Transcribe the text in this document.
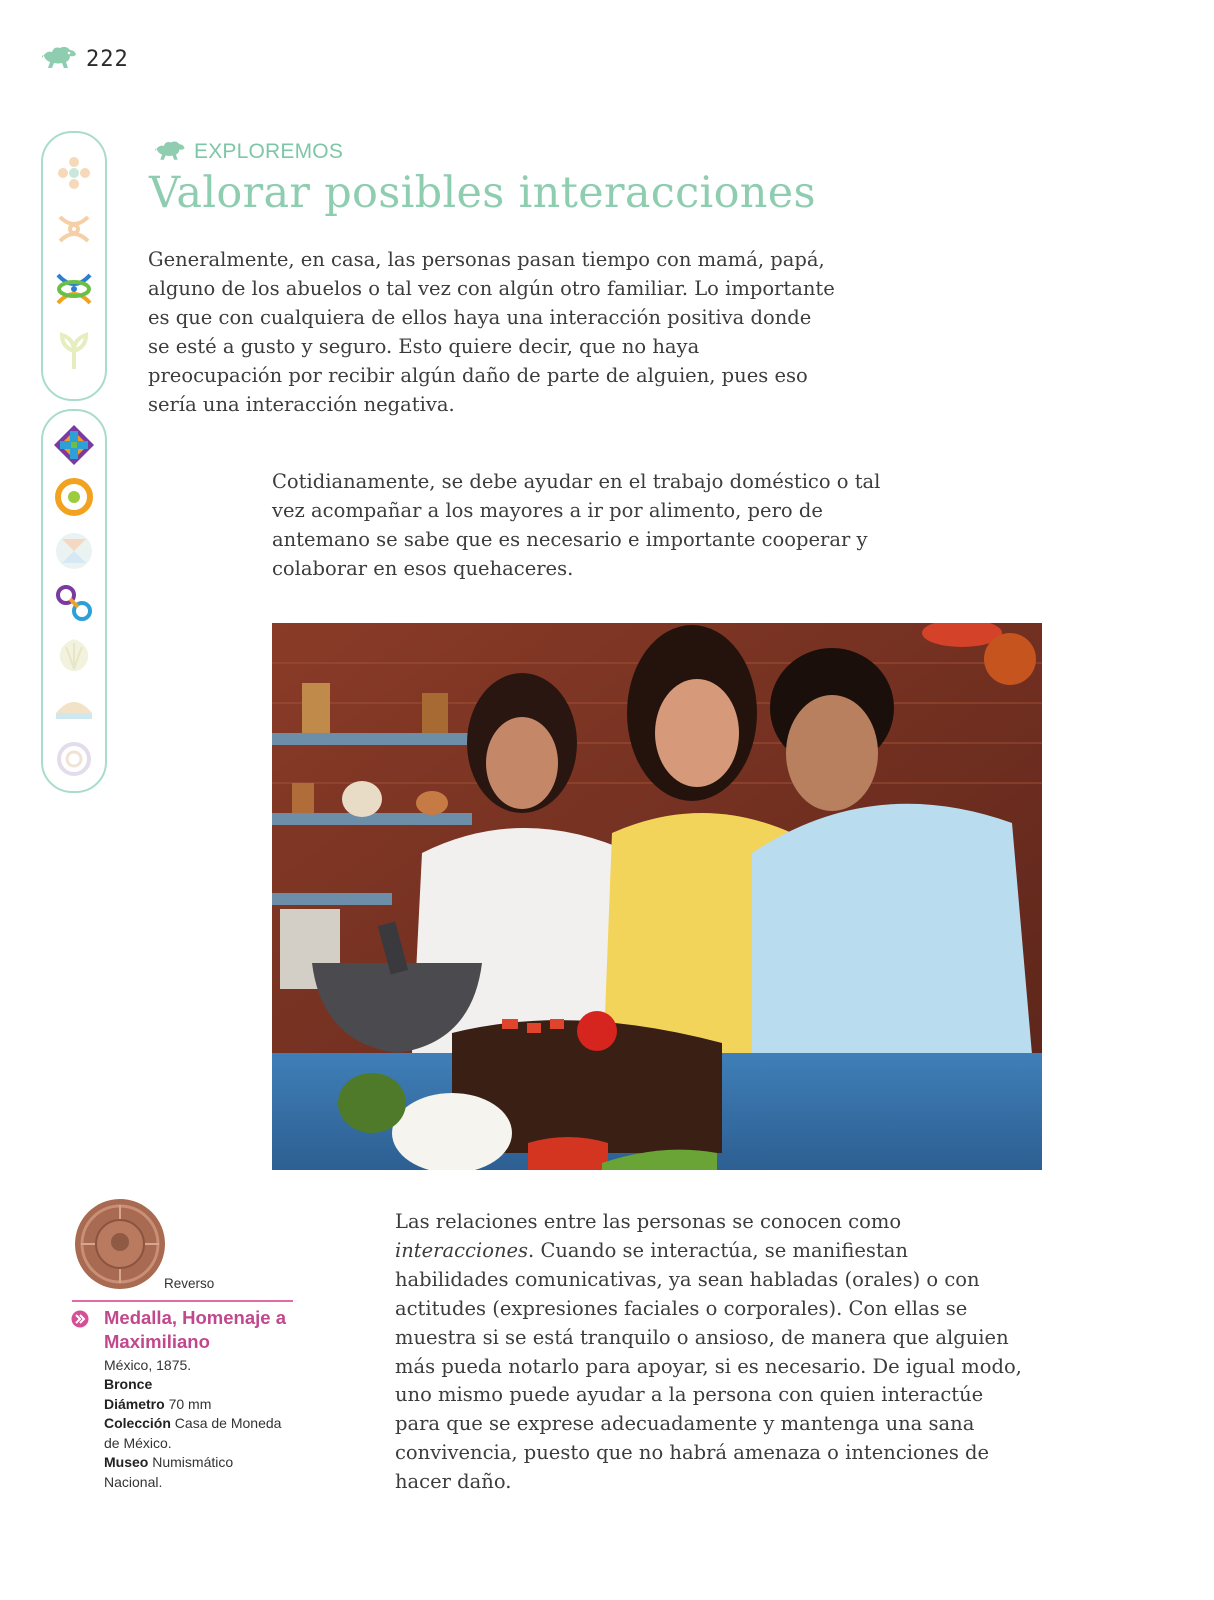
222
EXPLOREMOS
Valorar posibles interacciones

Generalmente, en casa, las personas pasan tiempo con mamá, papá, alguno de los abuelos o tal vez con algún otro familiar. Lo importante es que con cualquiera de ellos haya una interacción positiva donde se esté a gusto y seguro. Esto quiere decir, que no haya preocupación por recibir algún daño de parte de alguien, pues eso sería una interacción negativa.

Cotidianamente, se debe ayudar en el trabajo doméstico o tal vez acompañar a los mayores a ir por alimento, pero de antemano se sabe que es necesario e importante cooperar y colaborar en esos quehaceres.

Reverso

Medalla, Homenaje a Maximiliano

México, 1875.

Bronce

Diámetro 70 mm

Colección Casa de Moneda de México.

Museo Numismático Nacional.

Las relaciones entre las personas se conocen como interacciones. Cuando se interactúa, se manifiestan habilidades comunicativas, ya sean habladas (orales) o con actitudes (expresiones faciales o corporales). Con ellas se muestra si se está tranquilo o ansioso, de manera que alguien más pueda notarlo para apoyar, si es necesario. De igual modo, uno mismo puede ayudar a la persona con quien interactúe para que se exprese adecuadamente y mantenga una sana convivencia, puesto que no habrá amenaza o intenciones de hacer daño.
